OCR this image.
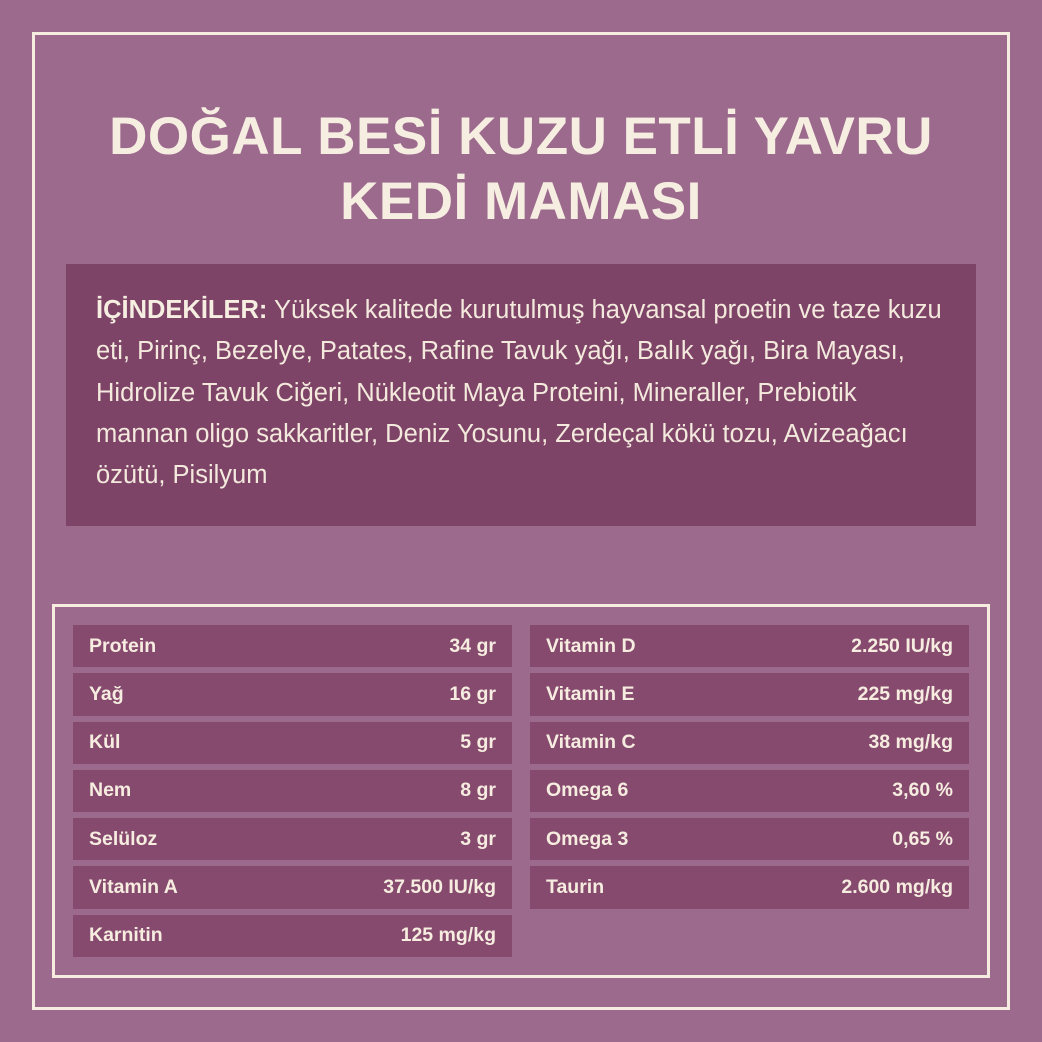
DOĞAL BESİ KUZU ETLİ YAVRU KEDİ MAMASI
İÇİNDEKİLER: Yüksek kalitede kurutulmuş hayvansal proetin ve taze kuzu eti, Pirinç, Bezelye, Patates, Rafine Tavuk yağı, Balık yağı, Bira Mayası, Hidrolize Tavuk Ciğeri, Nükleotit Maya Proteini, Mineraller, Prebiotik mannan oligo sakkaritler, Deniz Yosunu, Zerdeçal kökü tozu, Avizeağacı özütü, Pisilyum
Protein	34 gr
Yağ	16 gr
Kül	5 gr
Nem	8 gr
Selüloz	3 gr
Vitamin A	37.500 IU/kg
Karnitin	125 mg/kg
Vitamin D	2.250 IU/kg
Vitamin E	225 mg/kg
Vitamin C	38 mg/kg
Omega 6	3,60 %
Omega 3	0,65 %
Taurin	2.600 mg/kg
